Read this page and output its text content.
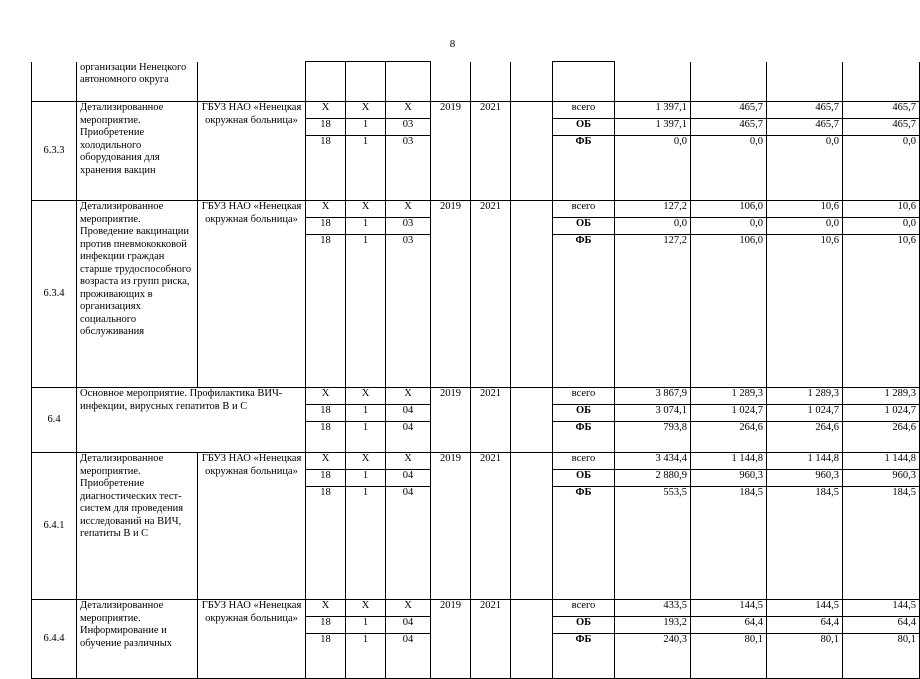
8
	организации Ненецкого автономного округа												
6.3.3	Детализированное мероприятие. Приобретение холодильного оборудования для хранения вакцин	ГБУЗ НАО «Ненецкая окружная больница»	Х	Х	Х	2019	2021		всего	1 397,1	465,7	465,7	465,7
			18	1	03				ОБ	1 397,1	465,7	465,7	465,7
			18	1	03				ФБ	0,0	0,0	0,0	0,0
6.3.4	Детализированное мероприятие. Проведение вакцинации против пневмококковой инфекции граждан старше трудоспособного возраста из групп риска, проживающих в организациях социального обслуживания	ГБУЗ НАО «Ненецкая окружная больница»	Х	Х	Х	2019	2021		всего	127,2	106,0	10,6	10,6
			18	1	03				ОБ	0,0	0,0	0,0	0,0
			18	1	03				ФБ	127,2	106,0	10,6	10,6
6.4	Основное мероприятие. Профилактика ВИЧ-инфекции, вирусных гепатитов В и С		Х	Х	Х	2019	2021		всего	3 867,9	1 289,3	1 289,3	1 289,3
			18	1	04				ОБ	3 074,1	1 024,7	1 024,7	1 024,7
			18	1	04				ФБ	793,8	264,6	264,6	264,6
6.4.1	Детализированное мероприятие. Приобретение диагностических тест-систем для проведения исследований на ВИЧ, гепатиты В и С	ГБУЗ НАО «Ненецкая окружная больница»	Х	Х	Х	2019	2021		всего	3 434,4	1 144,8	1 144,8	1 144,8
			18	1	04				ОБ	2 880,9	960,3	960,3	960,3
			18	1	04				ФБ	553,5	184,5	184,5	184,5
6.4.4	Детализированное мероприятие. Информирование и обучение различных	ГБУЗ НАО «Ненецкая окружная больница»	Х	Х	Х	2019	2021		всего	433,5	144,5	144,5	144,5
			18	1	04				ОБ	193,2	64,4	64,4	64,4
			18	1	04				ФБ	240,3	80,1	80,1	80,1
